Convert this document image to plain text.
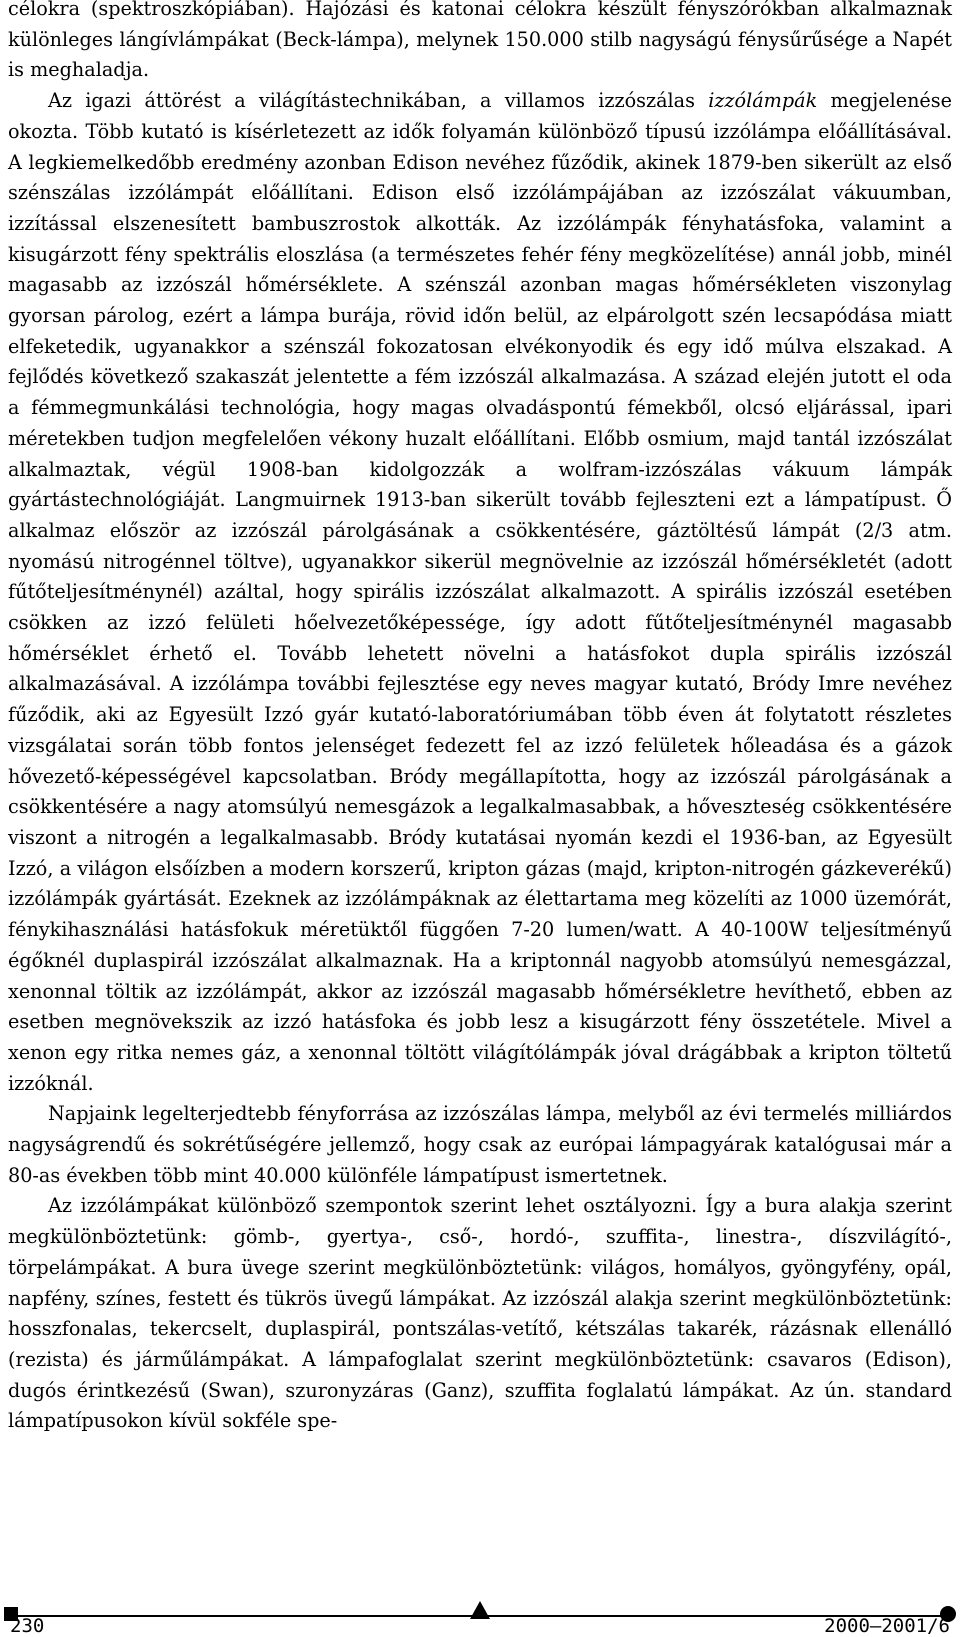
célokra (spektroszkópiában). Hajózási és katonai célokra készült fényszórókban alkalmaznak különleges lángívlámpákat (Beck-lámpa), melynek 150.000 stilb nagyságú fénysűrűsége a Napét is meghaladja.

Az igazi áttörést a világítástechnikában, a villamos izzószálas izzólámpák megjelenése okozta. Több kutató is kísérletezett az idők folyamán különböző típusú izzólámpa előállításával. A legkiemelkedőbb eredmény azonban Edison nevéhez fűződik, akinek 1879-ben sikerült az első szénszálas izzólámpát előállítani. Edison első izzólámpájában az izzószálat vákuumban, izzítással elszenesített bambuszrostok alkották. Az izzólámpák fényhatásfoka, valamint a kisugárzott fény spektrális eloszlása (a természetes fehér fény megközelítése) annál jobb, minél magasabb az izzószál hőmérséklete. A szénszál azonban magas hőmérsékleten viszonylag gyorsan párolog, ezért a lámpa burája, rövid időn belül, az elpárolgott szén lecsapódása miatt elfeketedik, ugyanakkor a szénszál fokozatosan elvékonyodik és egy idő múlva elszakad. A fejlődés következő szakaszát jelentette a fém izzószál alkalmazása. A század elején jutott el oda a fémmegmunkálási technológia, hogy magas olvadáspontú fémekből, olcsó eljárással, ipari méretekben tudjon megfelelően vékony huzalt előállítani. Előbb osmium, majd tantál izzószálat alkalmaztak, végül 1908-ban kidolgozzák a wolfram-izzószálas vákuum lámpák gyártástechnológiáját. Langmuirnek 1913-ban sikerült tovább fejleszteni ezt a lámpatípust. Ő alkalmaz először az izzószál párolgásának a csökkentésére, gáztöltésű lámpát (2/3 atm. nyomású nitrogénnel töltve), ugyanakkor sikerül megnövelnie az izzószál hőmérsékletét (adott fűtőteljesítménynél) azáltal, hogy spirális izzószálat alkalmazott. A spirális izzószál esetében csökken az izzó felületi hőelvezetőképessége, így adott fűtőteljesítménynél magasabb hőmérséklet érhető el. Tovább lehetett növelni a hatásfokot dupla spirális izzószál alkalmazásával. A izzólámpa további fejlesztése egy neves magyar kutató, Bródy Imre nevéhez fűződik, aki az Egyesült Izzó gyár kutató-laboratóriumában több éven át folytatott részletes vizsgálatai során több fontos jelenséget fedezett fel az izzó felületek hőleadása és a gázok hővezető-képességével kapcsolatban. Bródy megállapította, hogy az izzószál párolgásának a csökkentésére a nagy atomsúlyú nemesgázok a legalkalmasabbak, a hőveszteség csökkentésére viszont a nitrogén a legalkalmasabb. Bródy kutatásai nyomán kezdi el 1936-ban, az Egyesült Izzó, a világon elsőízben a modern korszerű, kripton gázas (majd, kripton-nitrogén gázkeverékű) izzólámpák gyártását. Ezeknek az izzólámpáknak az élettartama meg közelíti az 1000 üzemórát, fénykihasználási hatásfokuk méretüktől függően 7-20 lumen/watt. A 40-100W teljesítményű égőknél duplaspirál izzószálat alkalmaznak. Ha a kriptonnál nagyobb atomsúlyú nemesgázzal, xenonnal töltik az izzólámpát, akkor az izzószál magasabb hőmérsékletre hevíthető, ebben az esetben megnövekszik az izzó hatásfoka és jobb lesz a kisugárzott fény összetétele. Mivel a xenon egy ritka nemes gáz, a xenonnal töltött világítólámpák jóval drágábbak a kripton töltetű izzóknál.

Napjaink legelterjedtebb fényforrása az izzószálas lámpa, melyből az évi termelés milliárdos nagyságrendű és sokrétűségére jellemző, hogy csak az európai lámpagyárak katalógusai már a 80-as években több mint 40.000 különféle lámpatípust ismertetnek.

Az izzólámpákat különböző szempontok szerint lehet osztályozni. Így a bura alakja szerint megkülönböztetünk: gömb-, gyertya-, cső-, hordó-, szuffita-, linestra-, díszvilágító-, törpelámpákat. A bura üvege szerint megkülönböztetünk: világos, homályos, gyöngyfény, opál, napfény, színes, festett és tükrös üvegű lámpákat. Az izzószál alakja szerint megkülönböztetünk: hosszfonalas, tekercselt, duplaspirál, pontszálas-vetítő, kétszálas takarék, rázásnak ellenálló (rezista) és járműlámpákat. A lámpafoglalat szerint megkülönböztetünk: csavaros (Edison), dugós érintkezésű (Swan), szuronyzáras (Ganz), szuffita foglalatú lámpákat. Az ún. standard lámpatípusokon kívül sokféle spe-

230	2000–2001/6
